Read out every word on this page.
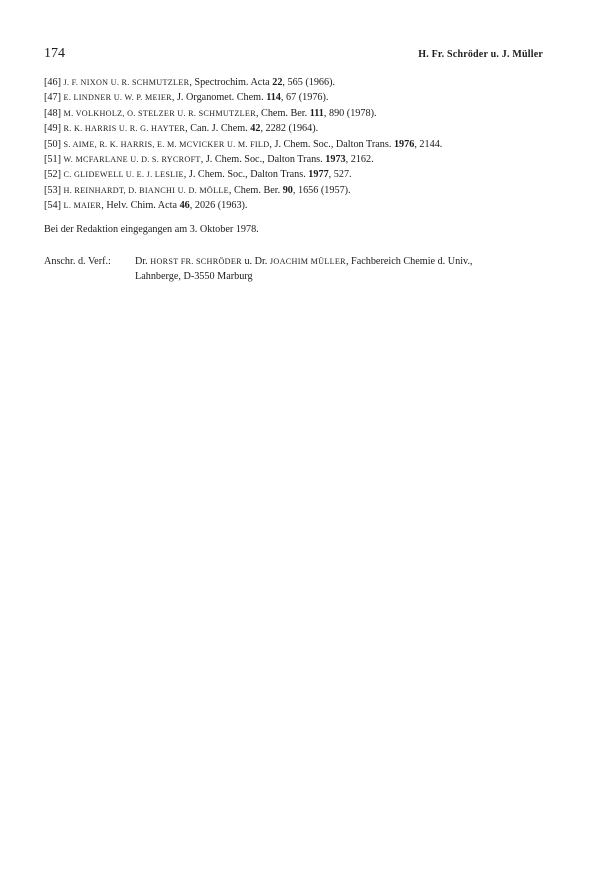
174	H. Fr. Schröder u. J. Müller
[46] J. F. NIXON U. R. SCHMUTZLER, Spectrochim. Acta 22, 565 (1966).
[47] E. LINDNER U. W. P. MEIER, J. Organomet. Chem. 114, 67 (1976).
[48] M. VOLKHOLZ, O. STELZER U. R. SCHMUTZLER, Chem. Ber. 111, 890 (1978).
[49] R. K. HARRIS U. R. G. HAYTER, Can. J. Chem. 42, 2282 (1964).
[50] S. AIME, R. K. HARRIS, E. M. MCVICKER U. M. FILD, J. Chem. Soc., Dalton Trans. 1976, 2144.
[51] W. MCFARLANE U. D. S. RYCROFT, J. Chem. Soc., Dalton Trans. 1973, 2162.
[52] C. GLIDEWELL U. E. J. LESLIE, J. Chem. Soc., Dalton Trans. 1977, 527.
[53] H. REINHARDT, D. BIANCHI U. D. MÖLLE, Chem. Ber. 90, 1656 (1957).
[54] L. MAIER, Helv. Chim. Acta 46, 2026 (1963).
Bei der Redaktion eingegangen am 3. Oktober 1978.
Anschr. d. Verf.: Dr. HORST FR. SCHRÖDER u. Dr. JOACHIM MÜLLER, Fachbereich Chemie d. Univ.,
Lahnberge, D-3550 Marburg
